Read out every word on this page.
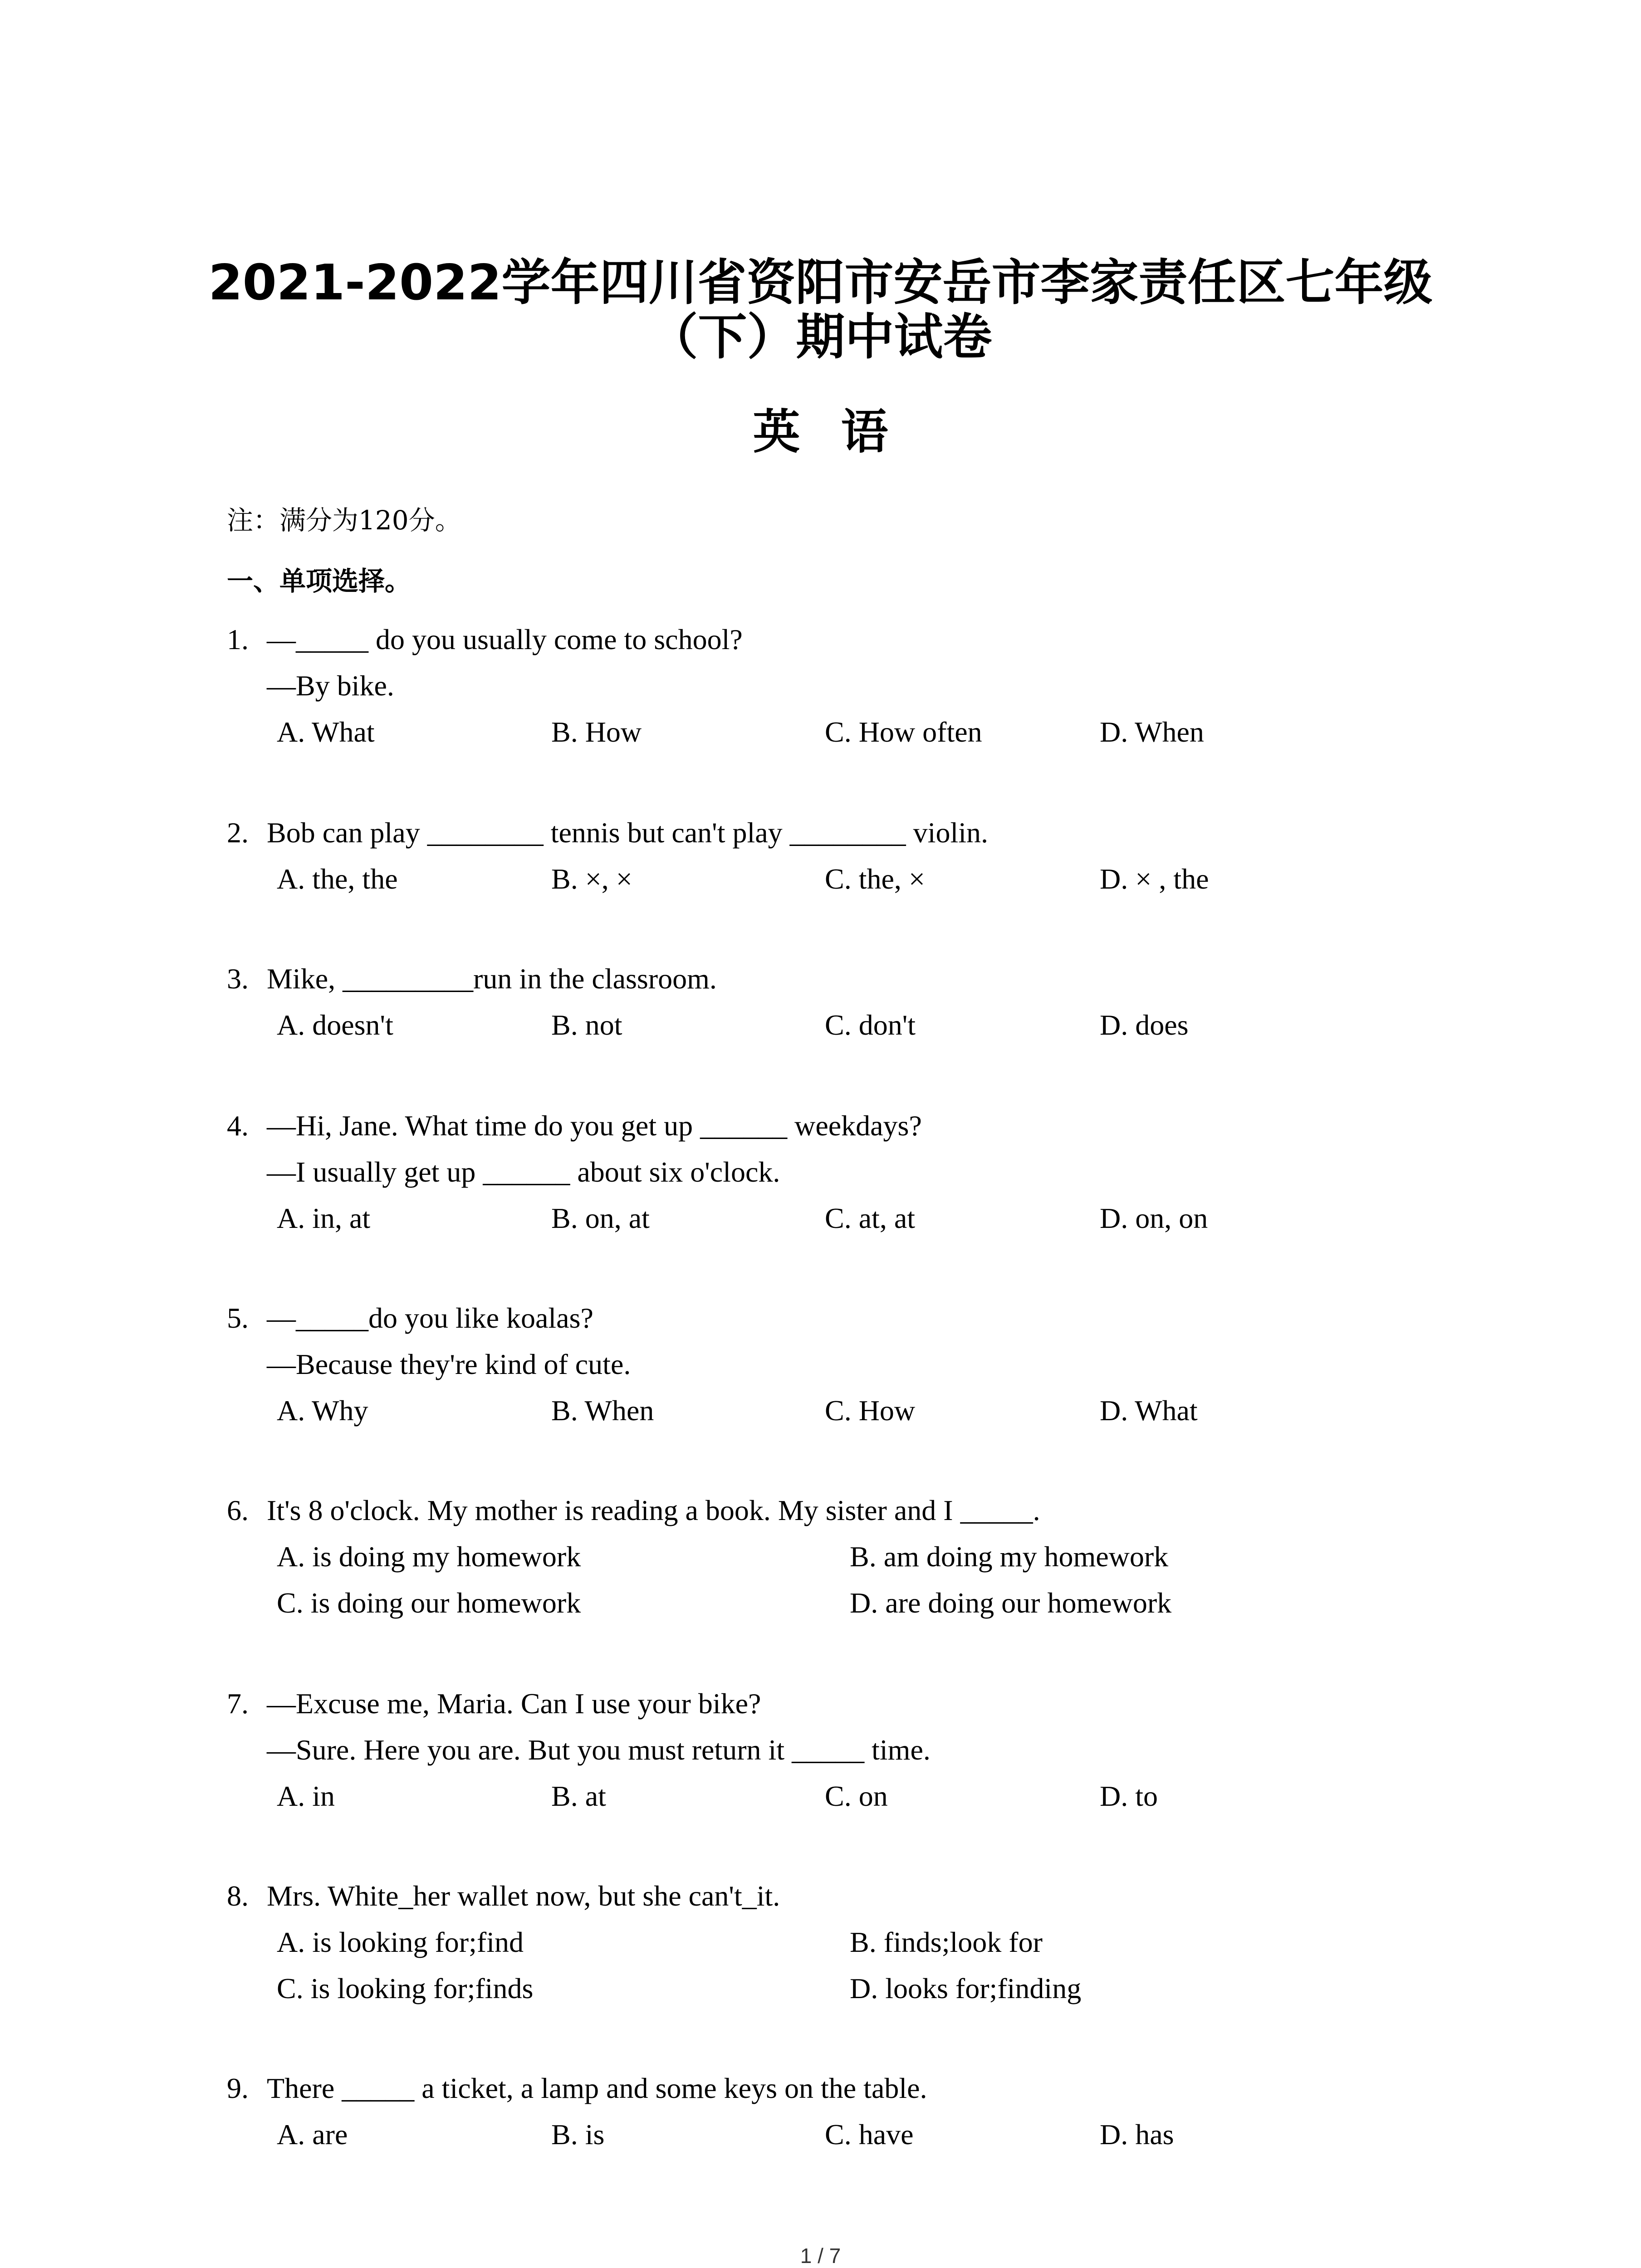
2021-2022学年四川省资阳市安岳市李家责任区七年级
（下）期中试卷
英语
注：满分为120分。
一、单项选择。
1. —_____ do you usually come to school?
—By bike.
A. What	B. How	C. How often	D. When
2. Bob can play ________ tennis but can't play ________ violin.
A. the, the	B. ×, ×	C. the, ×	D. × , the
3. Mike, _________run in the classroom.
A. doesn't	B. not	C. don't	D. does
4. —Hi, Jane. What time do you get up ______ weekdays?
—I usually get up ______ about six o'clock.
A. in, at	B. on, at	C. at, at	D. on, on
5. —_____do you like koalas?
—Because they're kind of cute.
A. Why	B. When	C. How	D. What
6. It's 8 o'clock. My mother is reading a book. My sister and I _____.
A. is doing my homework	B. am doing my homework
C. is doing our homework	D. are doing our homework
7. —Excuse me, Maria. Can I use your bike?
—Sure. Here you are. But you must return it _____ time.
A. in	B. at	C. on	D. to
8. Mrs. White_her wallet now, but she can't_it.
A. is looking for;find	B. finds;look for
C. is looking for;finds	D. looks for;finding
9. There _____ a ticket, a lamp and some keys on the table.
A. are	B. is	C. have	D. has
1 / 7
